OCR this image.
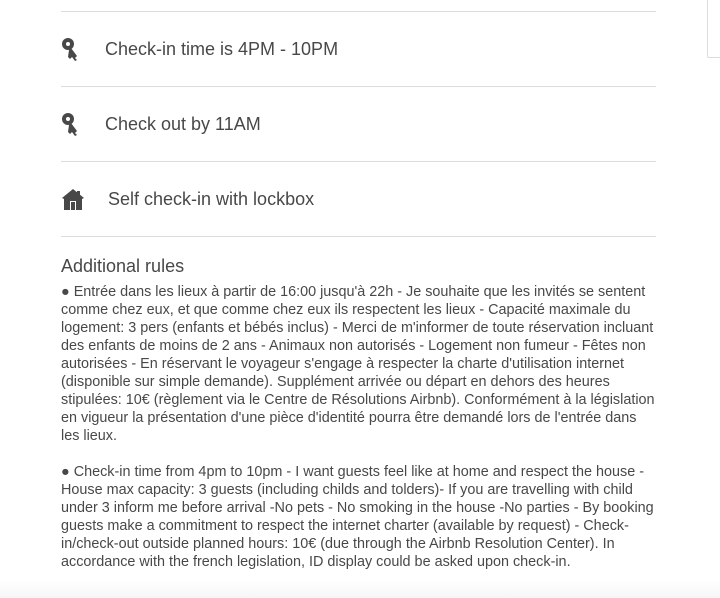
Check-in time is 4PM - 10PM
Check out by 11AM
Self check-in with lockbox
Additional rules

● Entrée dans les lieux à partir de 16:00 jusqu'à 22h - Je souhaite que les invités se sentent comme chez eux, et que comme chez eux ils respectent les lieux - Capacité maximale du logement: 3 pers (enfants et bébés inclus) - Merci de m'informer de toute réservation incluant des enfants de moins de 2 ans - Animaux non autorisés - Logement non fumeur - Fêtes non autorisées - En réservant le voyageur s'engage à respecter la charte d'utilisation internet (disponible sur simple demande). Supplément arrivée ou départ en dehors des heures stipulées: 10€ (règlement via le Centre de Résolutions Airbnb). Conformément à la législation en vigueur la présentation d'une pièce d'identité pourra être demandé lors de l'entrée dans les lieux.

● Check-in time from 4pm to 10pm - I want guests feel like at home and respect the house - House max capacity: 3 guests (including childs and tolders)- If you are travelling with child under 3 inform me before arrival -No pets - No smoking in the house -No parties - By booking guests make a commitment to respect the internet charter (available by request) - Check-in/check-out outside planned hours: 10€ (due through the Airbnb Resolution Center). In accordance with the french legislation, ID display could be asked upon check-in.
